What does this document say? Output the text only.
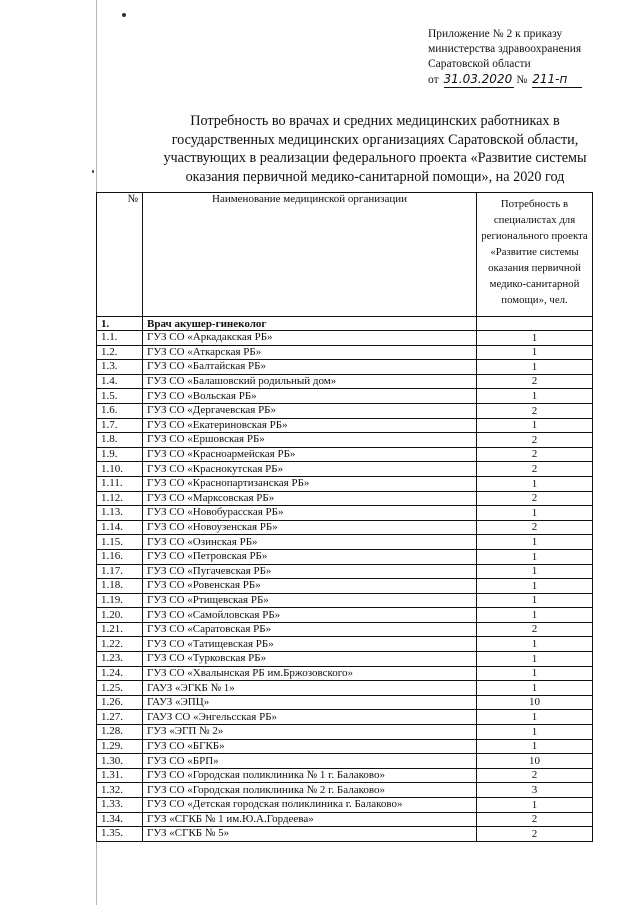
Приложение № 2 к приказу
министерства здравоохранения
Саратовской области
от 31.03.2020 № 211-п
Потребность во врачах и средних медицинских работниках в
государственных медицинских организациях Саратовской области,
участвующих в реализации федерального проекта «Развитие системы
оказания первичной медико-санитарной помощи», на 2020 год
№	Наименование медицинской организации	Потребность в специалистах для регионального проекта «Развитие системы оказания первичной медико-санитарной помощи», чел.
1.	Врач акушер-гинеколог	
1.1.	ГУЗ СО «Аркадакская РБ»	1
1.2.	ГУЗ СО «Аткарская РБ»	1
1.3.	ГУЗ СО «Балтайская РБ»	1
1.4.	ГУЗ СО «Балашовский родильный дом»	2
1.5.	ГУЗ СО «Вольская РБ»	1
1.6.	ГУЗ СО «Дергачевская РБ»	2
1.7.	ГУЗ СО «Екатериновская РБ»	1
1.8.	ГУЗ СО «Ершовская РБ»	2
1.9.	ГУЗ СО «Красноармейская РБ»	2
1.10.	ГУЗ СО «Краснокутская РБ»	2
1.11.	ГУЗ СО «Краснопартизанская РБ»	1
1.12.	ГУЗ СО «Марксовская РБ»	2
1.13.	ГУЗ СО «Новобурасская РБ»	1
1.14.	ГУЗ СО «Новоузенская РБ»	2
1.15.	ГУЗ СО «Озинская РБ»	1
1.16.	ГУЗ СО «Петровская РБ»	1
1.17.	ГУЗ СО «Пугачевская РБ»	1
1.18.	ГУЗ СО «Ровенская РБ»	1
1.19.	ГУЗ СО «Ртищевская РБ»	1
1.20.	ГУЗ СО «Самойловская РБ»	1
1.21.	ГУЗ СО «Саратовская РБ»	2
1.22.	ГУЗ СО «Татищевская РБ»	1
1.23.	ГУЗ СО «Турковская РБ»	1
1.24.	ГУЗ СО «Хвалынская РБ им.Бржозовского»	1
1.25.	ГАУЗ «ЭГКБ № 1»	1
1.26.	ГАУЗ «ЭПЦ»	10
1.27.	ГАУЗ СО «Энгельсская РБ»	1
1.28.	ГУЗ «ЭГП № 2»	1
1.29.	ГУЗ СО «БГКБ»	1
1.30.	ГУЗ СО «БРП»	10
1.31.	ГУЗ СО «Городская поликлиника № 1 г. Балаково»	2
1.32.	ГУЗ СО «Городская поликлиника № 2 г. Балаково»	3
1.33.	ГУЗ СО «Детская городская поликлиника г. Балаково»	1
1.34.	ГУЗ «СГКБ № 1 им.Ю.А.Гордеева»	2
1.35.	ГУЗ «СГКБ № 5»	2
